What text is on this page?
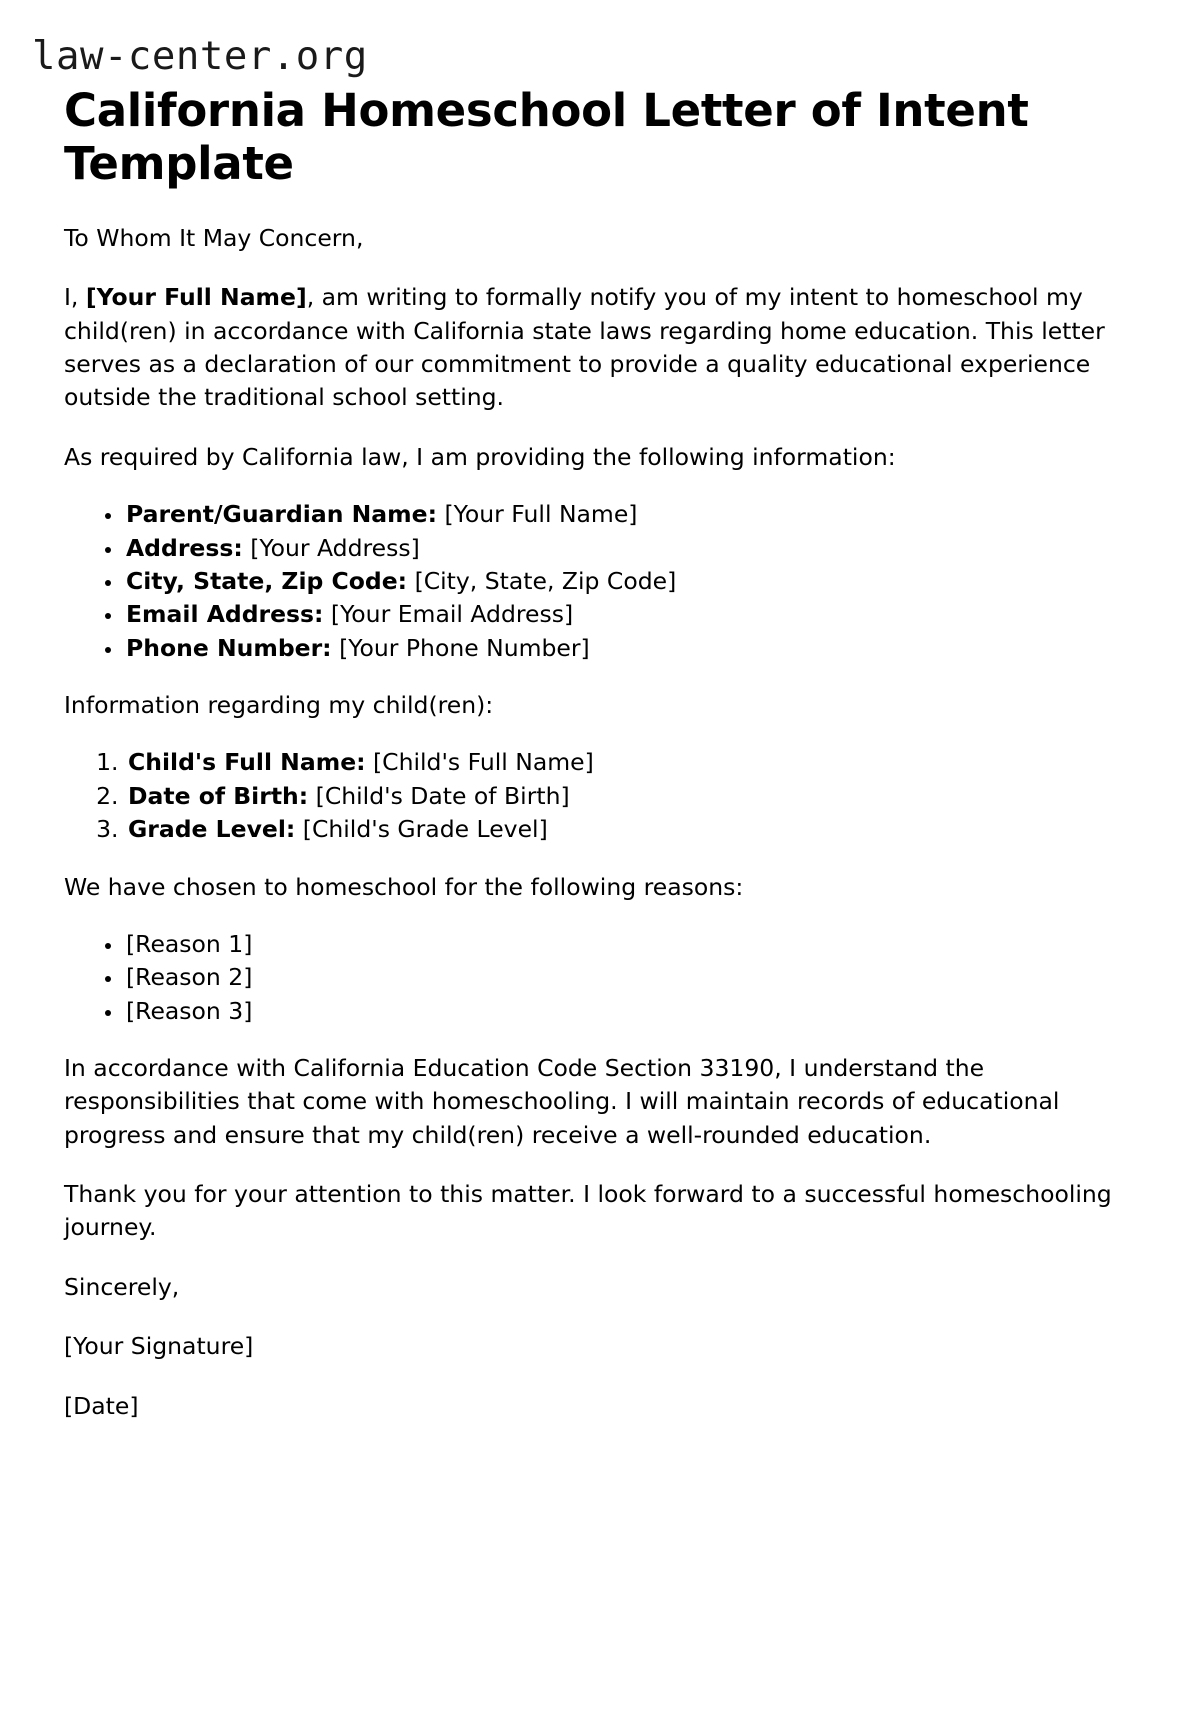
law-center.org
California Homeschool Letter of Intent Template

To Whom It May Concern,

I, [Your Full Name], am writing to formally notify you of my intent to homeschool my child(ren) in accordance with California state laws regarding home education. This letter serves as a declaration of our commitment to provide a quality educational experience outside the traditional school setting.

As required by California law, I am providing the following information:

• Parent/Guardian Name: [Your Full Name]
• Address: [Your Address]
• City, State, Zip Code: [City, State, Zip Code]
• Email Address: [Your Email Address]
• Phone Number: [Your Phone Number]

Information regarding my child(ren):

1. Child's Full Name: [Child's Full Name]
2. Date of Birth: [Child's Date of Birth]
3. Grade Level: [Child's Grade Level]

We have chosen to homeschool for the following reasons:

• [Reason 1]
• [Reason 2]
• [Reason 3]

In accordance with California Education Code Section 33190, I understand the responsibilities that come with homeschooling. I will maintain records of educational progress and ensure that my child(ren) receive a well-rounded education.

Thank you for your attention to this matter. I look forward to a successful homeschooling journey.

Sincerely,

[Your Signature]

[Date]
